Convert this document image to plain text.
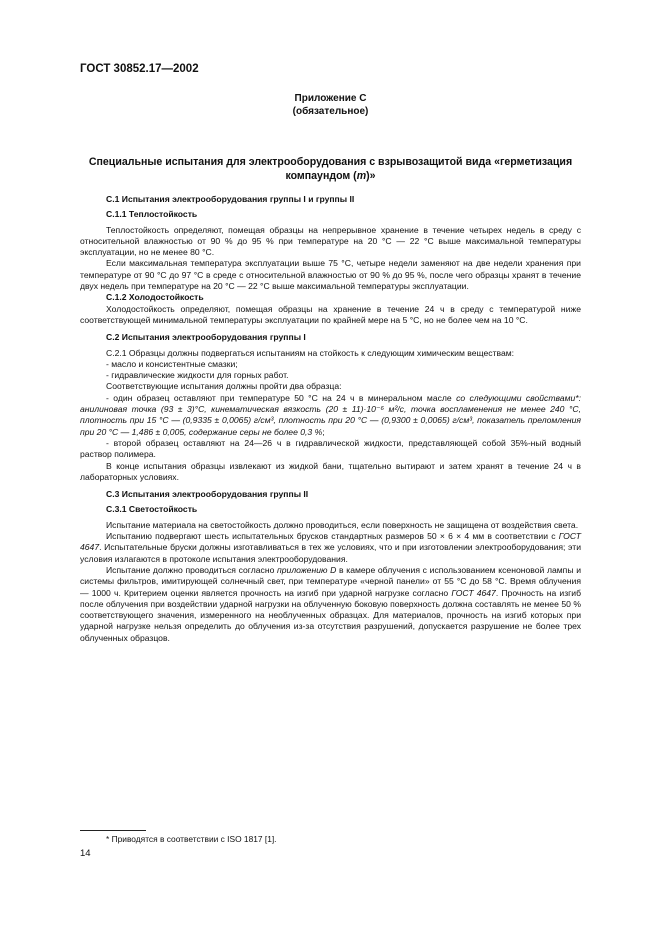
ГОСТ 30852.17—2002
Приложение С
(обязательное)
Специальные испытания для электрооборудования с взрывозащитой вида «герметизация
компаундом (m)»
С.1 Испытания электрооборудования группы I и группы II
С.1.1 Теплостойкость

Теплостойкость определяют, помещая образцы на непрерывное хранение в течение четырех недель в среду с относительной влажностью от 90 % до 95 % при температуре на 20 °С — 22 °С выше максимальной температуры эксплуатации, но не менее 80 °С.

Если максимальная температура эксплуатации выше 75 °С, четыре недели заменяют на две недели хранения при температуре от 90 °С до 97 °С в среде с относительной влажностью от 90 % до 95 %, после чего образцы хранят в течение двух недель при температуре на 20 °С — 22 °С выше максимальной температуры эксплуатации.

С.1.2 Холодостойкость

Холодостойкость определяют, помещая образцы на хранение в течение 24 ч в среду с температурой ниже соответствующей минимальной температуры эксплуатации по крайней мере на 5 °С, но не более чем на 10 °С.

С.2 Испытания электрооборудования группы I

С.2.1 Образцы должны подвергаться испытаниям на стойкость к следующим химическим веществам:

- масло и консистентные смазки;

- гидравлические жидкости для горных работ.

Соответствующие испытания должны пройти два образца:

- один образец оставляют при температуре 50 °С на 24 ч в минеральном масле со следующими свойствами*: анилиновая точка (93 ± 3)°С, кинематическая вязкость (20 ± 11)·10⁻⁶ м²/с, точка воспламенения не менее 240 °С, плотность при 15 °С — (0,9335 ± 0,0065) г/см³, плотность при 20 °С — (0,9300 ± 0,0065) г/см³, показатель преломления при 20 °С — 1,486 ± 0,005, содержание серы не более 0,3 %;

- второй образец оставляют на 24—26 ч в гидравлической жидкости, представляющей собой 35%-ный водный раствор полимера.

В конце испытания образцы извлекают из жидкой бани, тщательно вытирают и затем хранят в течение 24 ч в лабораторных условиях.

С.3 Испытания электрооборудования группы II
С.3.1 Светостойкость

Испытание материала на светостойкость должно проводиться, если поверхность не защищена от воздействия света.

Испытанию подвергают шесть испытательных брусков стандартных размеров 50 × 6 × 4 мм в соответствии с ГОСТ 4647. Испытательные бруски должны изготавливаться в тех же условиях, что и при изготовлении электрооборудования; эти условия излагаются в протоколе испытания электрооборудования.

Испытание должно проводиться согласно приложению D в камере облучения с использованием ксеноновой лампы и системы фильтров, имитирующей солнечный свет, при температуре «черной панели» от 55 °С до 58 °С. Время облучения — 1000 ч. Критерием оценки является прочность на изгиб при ударной нагрузке согласно ГОСТ 4647. Прочность на изгиб после облучения при воздействии ударной нагрузки на облученную боковую поверхность должна составлять не менее 50 % соответствующего значения, измеренного на необлученных образцах. Для материалов, прочность на изгиб которых при ударной нагрузке нельзя определить до облучения из-за отсутствия разрушений, допускается разрушение не более трех облученных образцов.

* Приводятся в соответствии с ISO 1817 [1].
14
